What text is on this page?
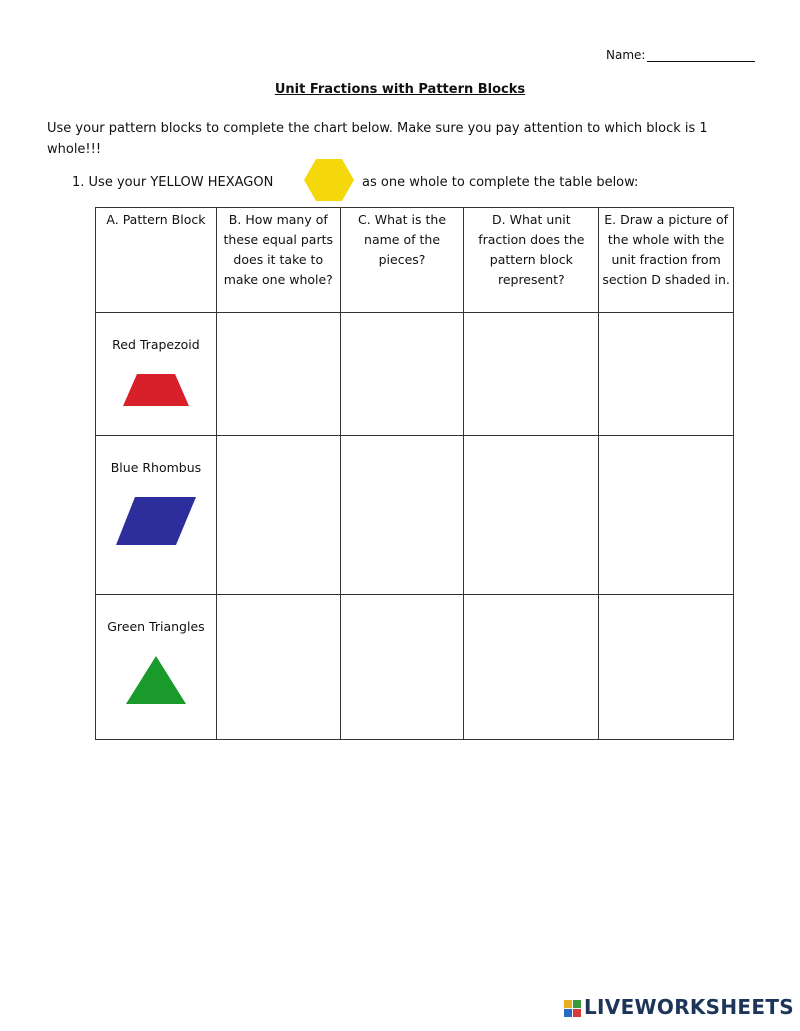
Name:
Unit Fractions with Pattern Blocks
Use your pattern blocks to complete the chart below. Make sure you pay attention to which block is 1 whole!!!
1. Use your YELLOW HEXAGON	as one whole to complete the table below:
A. Pattern Block	B. How many of these equal parts does it take to make one whole?	C. What is the name of the pieces?	D. What unit fraction does the pattern block represent?	E. Draw a picture of the whole with the unit fraction from section D shaded in.

Red Trapezoid				

Blue Rhombus				

Green Triangles				

LIVEWORKSHEETS
